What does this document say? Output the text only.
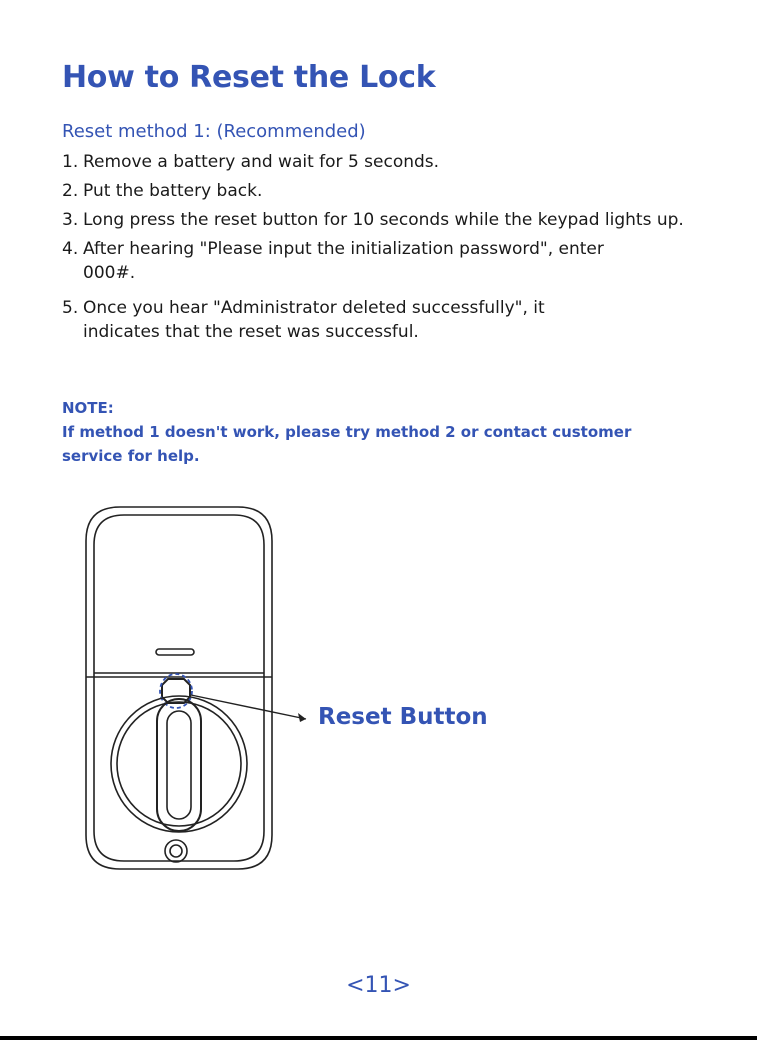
How to Reset the Lock
Reset method 1: (Recommended)
1. Remove a battery and wait for 5 seconds.
2. Put the battery back.
3. Long press the reset button for 10 seconds while the keypad lights up.
4. After hearing "Please input the initialization password", enter 000#.
5. Once you hear "Administrator deleted successfully", it indicates that the reset was successful.
NOTE:
If method 1 doesn't work, please try method 2 or contact customer service for help.
Reset Button
<11>
